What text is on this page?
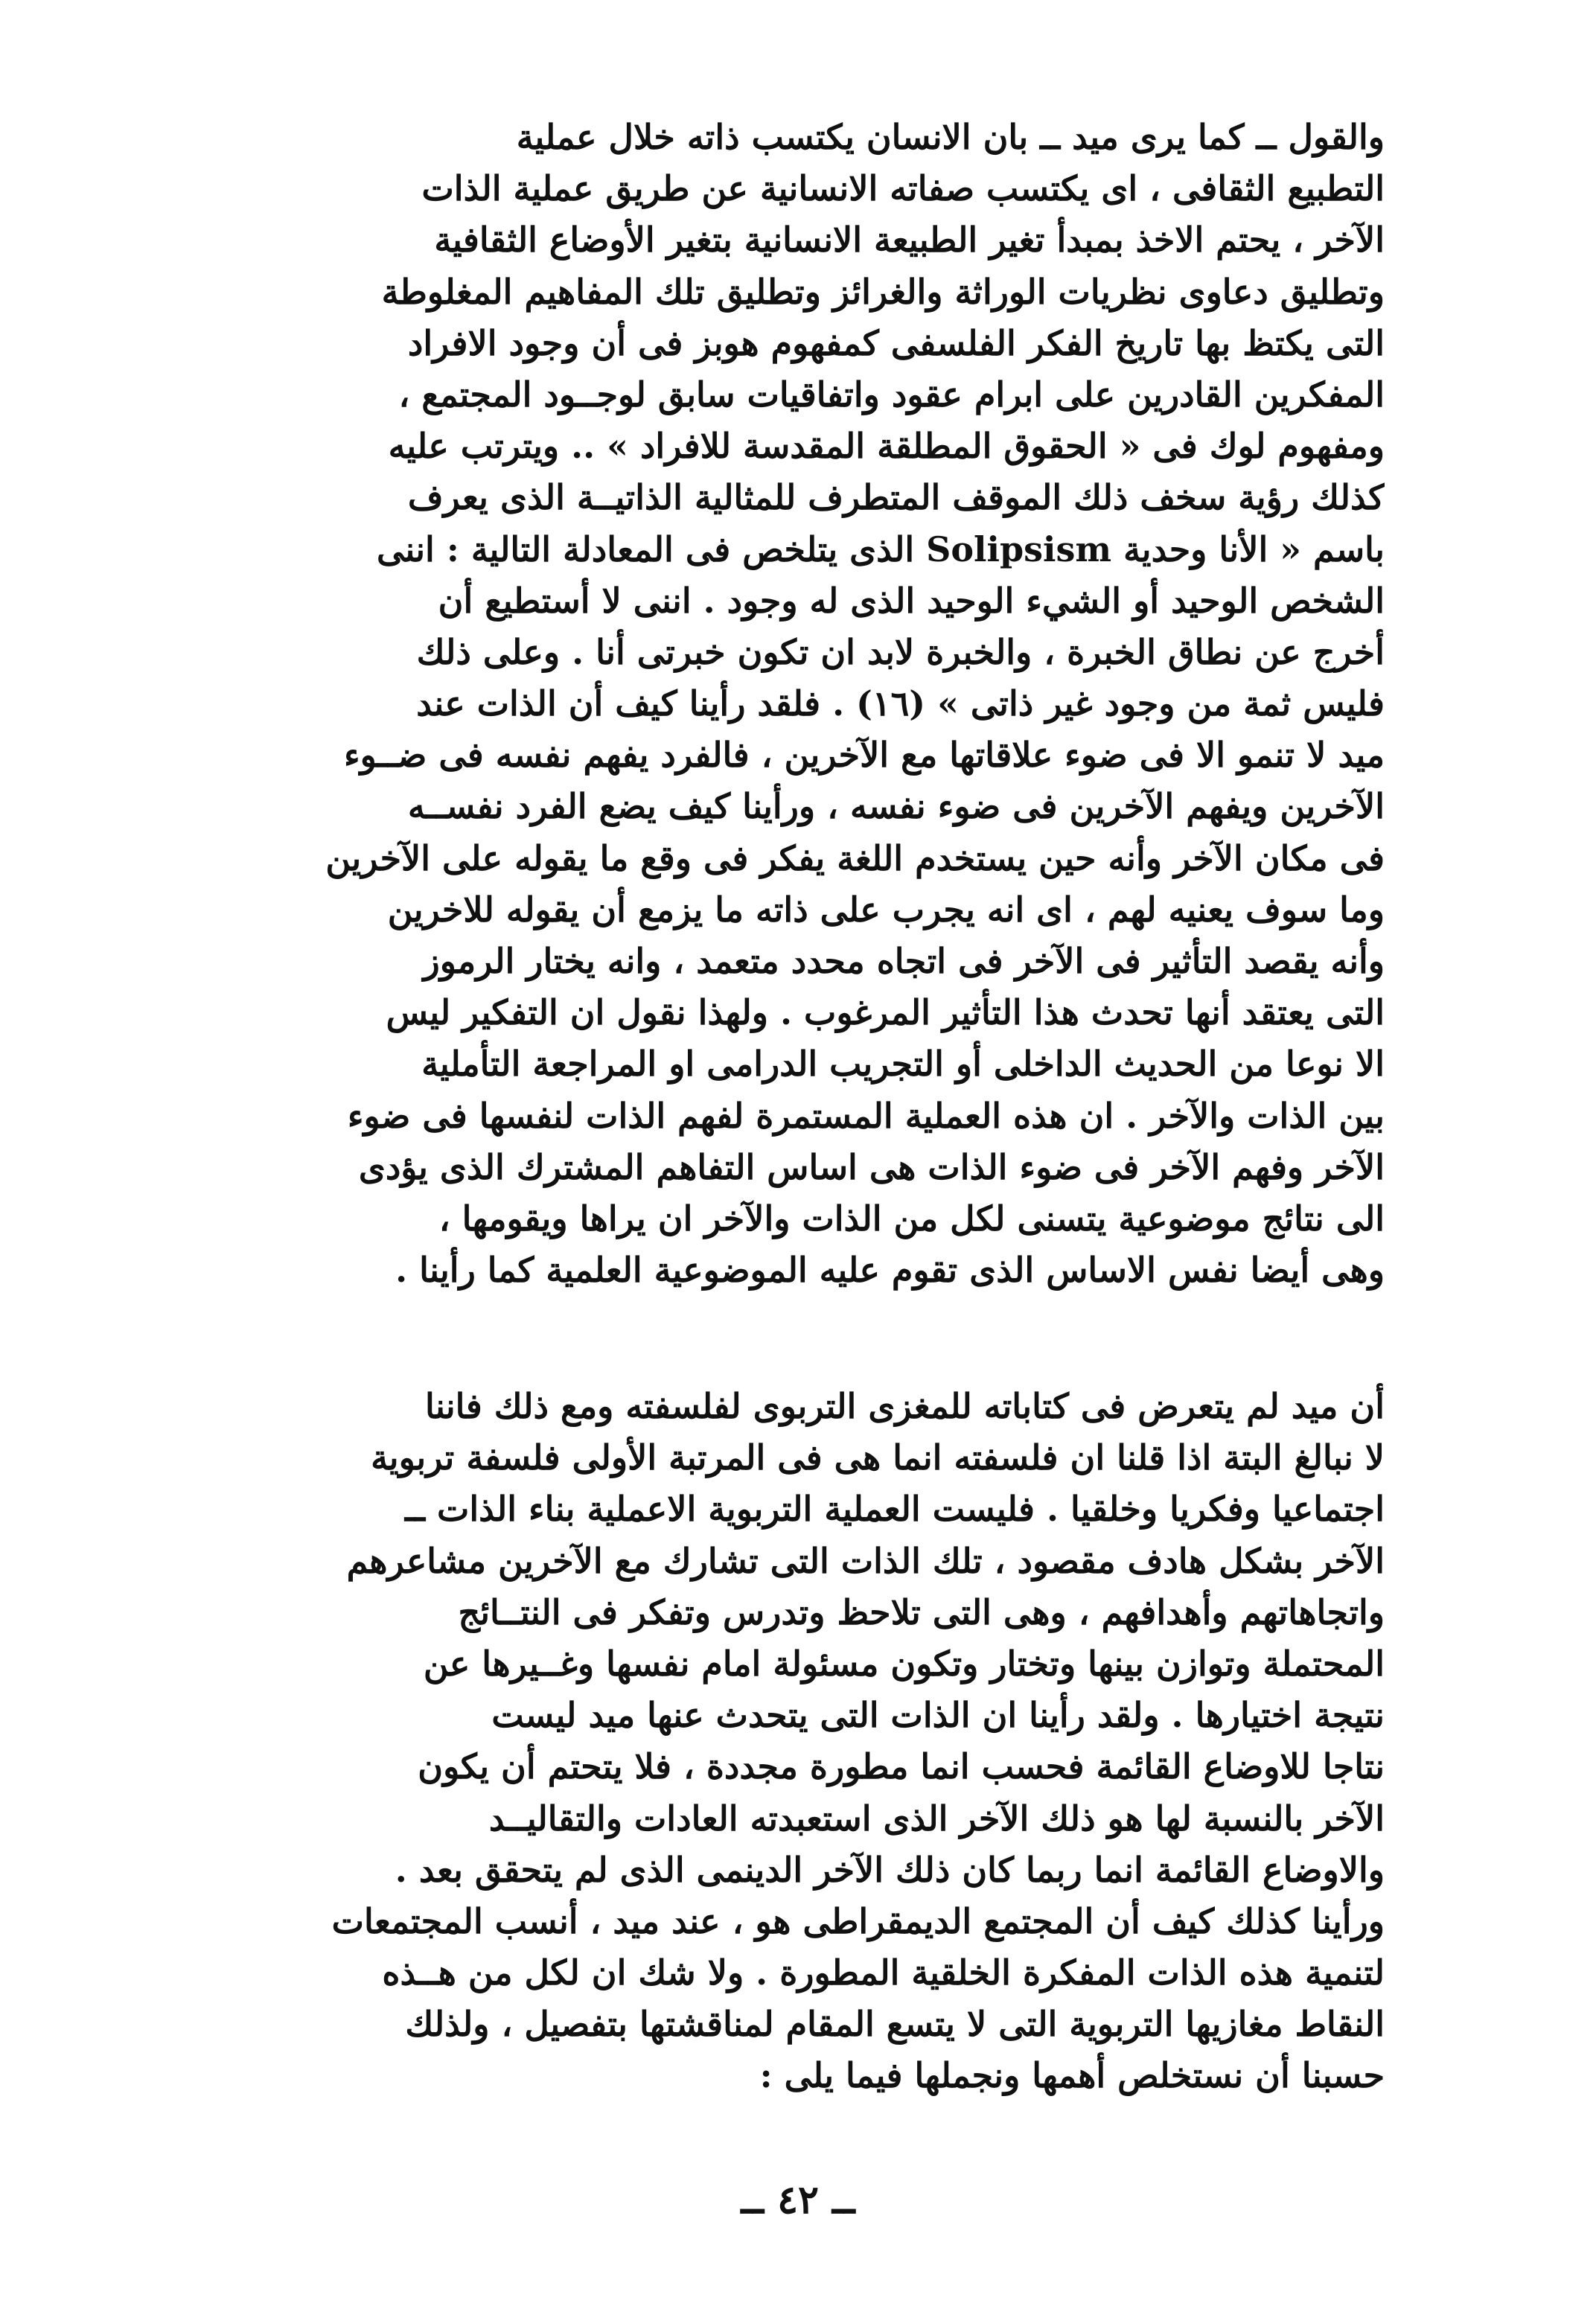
والقول ــ كما يرى ميد ــ بان الانسان يكتسب ذاته خلال عملية
التطبيع الثقافى ، اى يكتسب صفاته الانسانية عن طريق عملية الذات
الآخر ، يحتم الاخذ بمبدأ تغير الطبيعة الانسانية بتغير الأوضاع الثقافية
وتطليق دعاوى نظريات الوراثة والغرائز وتطليق تلك المفاهيم المغلوطة
التى يكتظ بها تاريخ الفكر الفلسفى كمفهوم هوبز فى أن وجود الافراد
المفكرين القادرين على ابرام عقود واتفاقيات سابق لوجــود المجتمع ،
ومفهوم لوك فى « الحقوق المطلقة المقدسة للافراد » .. ويترتب عليه
كذلك رؤية سخف ذلك الموقف المتطرف للمثالية الذاتيــة الذى يعرف
باسم « الأنا وحدية Solipsism الذى يتلخص فى المعادلة التالية : اننى
الشخص الوحيد أو الشيء الوحيد الذى له وجود . اننى لا أستطيع أن
أخرج عن نطاق الخبرة ، والخبرة لابد ان تكون خبرتى أنا . وعلى ذلك
فليس ثمة من وجود غير ذاتى » (١٦) . فلقد رأينا كيف أن الذات عند
ميد لا تنمو الا فى ضوء علاقاتها مع الآخرين ، فالفرد يفهم نفسه فى ضــوء
الآخرين ويفهم الآخرين فى ضوء نفسه ، ورأينا كيف يضع الفرد نفســه
فى مكان الآخر وأنه حين يستخدم اللغة يفكر فى وقع ما يقوله على الآخرين
وما سوف يعنيه لهم ، اى انه يجرب على ذاته ما يزمع أن يقوله للاخرين
وأنه يقصد التأثير فى الآخر فى اتجاه محدد متعمد ، وانه يختار الرموز
التى يعتقد أنها تحدث هذا التأثير المرغوب . ولهذا نقول ان التفكير ليس
الا نوعا من الحديث الداخلى أو التجريب الدرامى او المراجعة التأملية
بين الذات والآخر . ان هذه العملية المستمرة لفهم الذات لنفسها فى ضوء
الآخر وفهم الآخر فى ضوء الذات هى اساس التفاهم المشترك الذى يؤدى
الى نتائج موضوعية يتسنى لكل من الذات والآخر ان يراها ويقومها ،
وهى أيضا نفس الاساس الذى تقوم عليه الموضوعية العلمية كما رأينا .
أن ميد لم يتعرض فى كتاباته للمغزى التربوى لفلسفته ومع ذلك فاننا
لا نبالغ البتة اذا قلنا ان فلسفته انما هى فى المرتبة الأولى فلسفة تربوية
اجتماعيا وفكريا وخلقيا . فليست العملية التربوية الاعملية بناء الذات ــ
الآخر بشكل هادف مقصود ، تلك الذات التى تشارك مع الآخرين مشاعرهم
واتجاهاتهم وأهدافهم ، وهى التى تلاحظ وتدرس وتفكر فى النتــائج
المحتملة وتوازن بينها وتختار وتكون مسئولة امام نفسها وغــيرها عن
نتيجة اختيارها . ولقد رأينا ان الذات التى يتحدث عنها ميد ليست
نتاجا للاوضاع القائمة فحسب انما مطورة مجددة ، فلا يتحتم أن يكون
الآخر بالنسبة لها هو ذلك الآخر الذى استعبدته العادات والتقاليــد
والاوضاع القائمة انما ربما كان ذلك الآخر الدينمى الذى لم يتحقق بعد .
ورأينا كذلك كيف أن المجتمع الديمقراطى هو ، عند ميد ، أنسب المجتمعات
لتنمية هذه الذات المفكرة الخلقية المطورة . ولا شك ان لكل من هــذه
النقاط مغازيها التربوية التى لا يتسع المقام لمناقشتها بتفصيل ، ولذلك
حسبنا أن نستخلص أهمها ونجملها فيما يلى :
ــ ٤٢ ــ
